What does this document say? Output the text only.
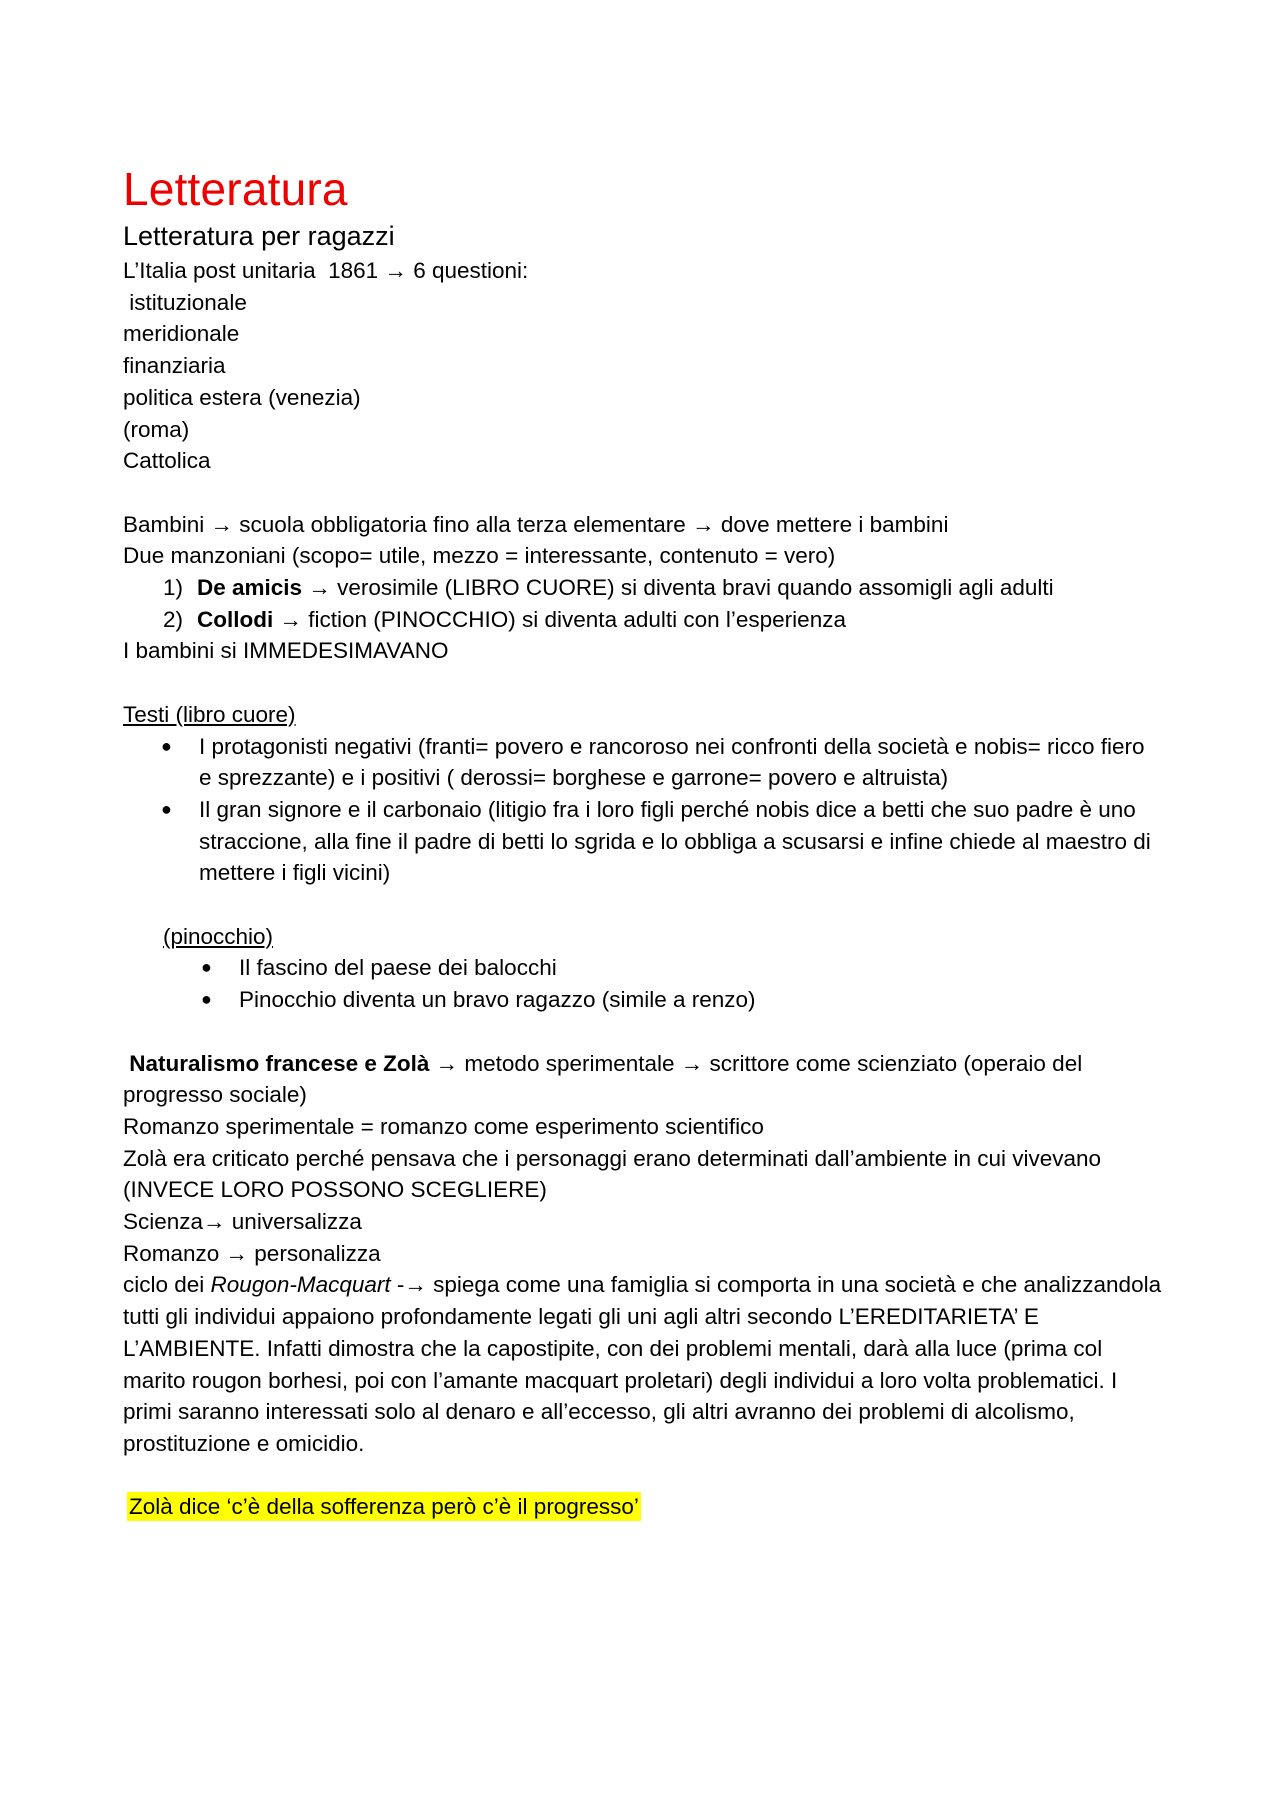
Letteratura
Letteratura per ragazzi
L’Italia post unitaria  1861 → 6 questioni:
istituzionale
meridionale
finanziaria
politica estera (venezia)
(roma)
Cattolica
Bambini → scuola obbligatoria fino alla terza elementare → dove mettere i bambini
Due manzoniani (scopo= utile, mezzo = interessante, contenuto = vero)
1) De amicis → verosimile (LIBRO CUORE) si diventa bravi quando assomigli agli adulti
2) Collodi → fiction (PINOCCHIO) si diventa adulti con l’esperienza
I bambini si IMMEDESIMAVANO
Testi (libro cuore)
●	I protagonisti negativi (franti= povero e rancoroso nei confronti della società e nobis= ricco fiero e sprezzante) e i positivi ( derossi= borghese e garrone= povero e altruista)
●	Il gran signore e il carbonaio (litigio fra i loro figli perché nobis dice a betti che suo padre è uno straccione, alla fine il padre di betti lo sgrida e lo obbliga a scusarsi e infine chiede al maestro di mettere i figli vicini)
(pinocchio)
●	Il fascino del paese dei balocchi
●	Pinocchio diventa un bravo ragazzo (simile a renzo)
Naturalismo francese e Zolà → metodo sperimentale → scrittore come scienziato (operaio del progresso sociale)
Romanzo sperimentale = romanzo come esperimento scientifico
Zolà era criticato perché pensava che i personaggi erano determinati dall’ambiente in cui vivevano (INVECE LORO POSSONO SCEGLIERE)
Scienza→ universalizza
Romanzo → personalizza
ciclo dei Rougon-Macquart -→ spiega come una famiglia si comporta in una società e che analizzandola tutti gli individui appaiono profondamente legati gli uni agli altri secondo L’EREDITARIETA’ E L’AMBIENTE. Infatti dimostra che la capostipite, con dei problemi mentali, darà alla luce (prima col marito rougon borhesi, poi con l’amante macquart proletari) degli individui a loro volta problematici. I primi saranno interessati solo al denaro e all’eccesso, gli altri avranno dei problemi di alcolismo, prostituzione e omicidio.
Zolà dice ‘c’è della sofferenza però c’è il progresso’
